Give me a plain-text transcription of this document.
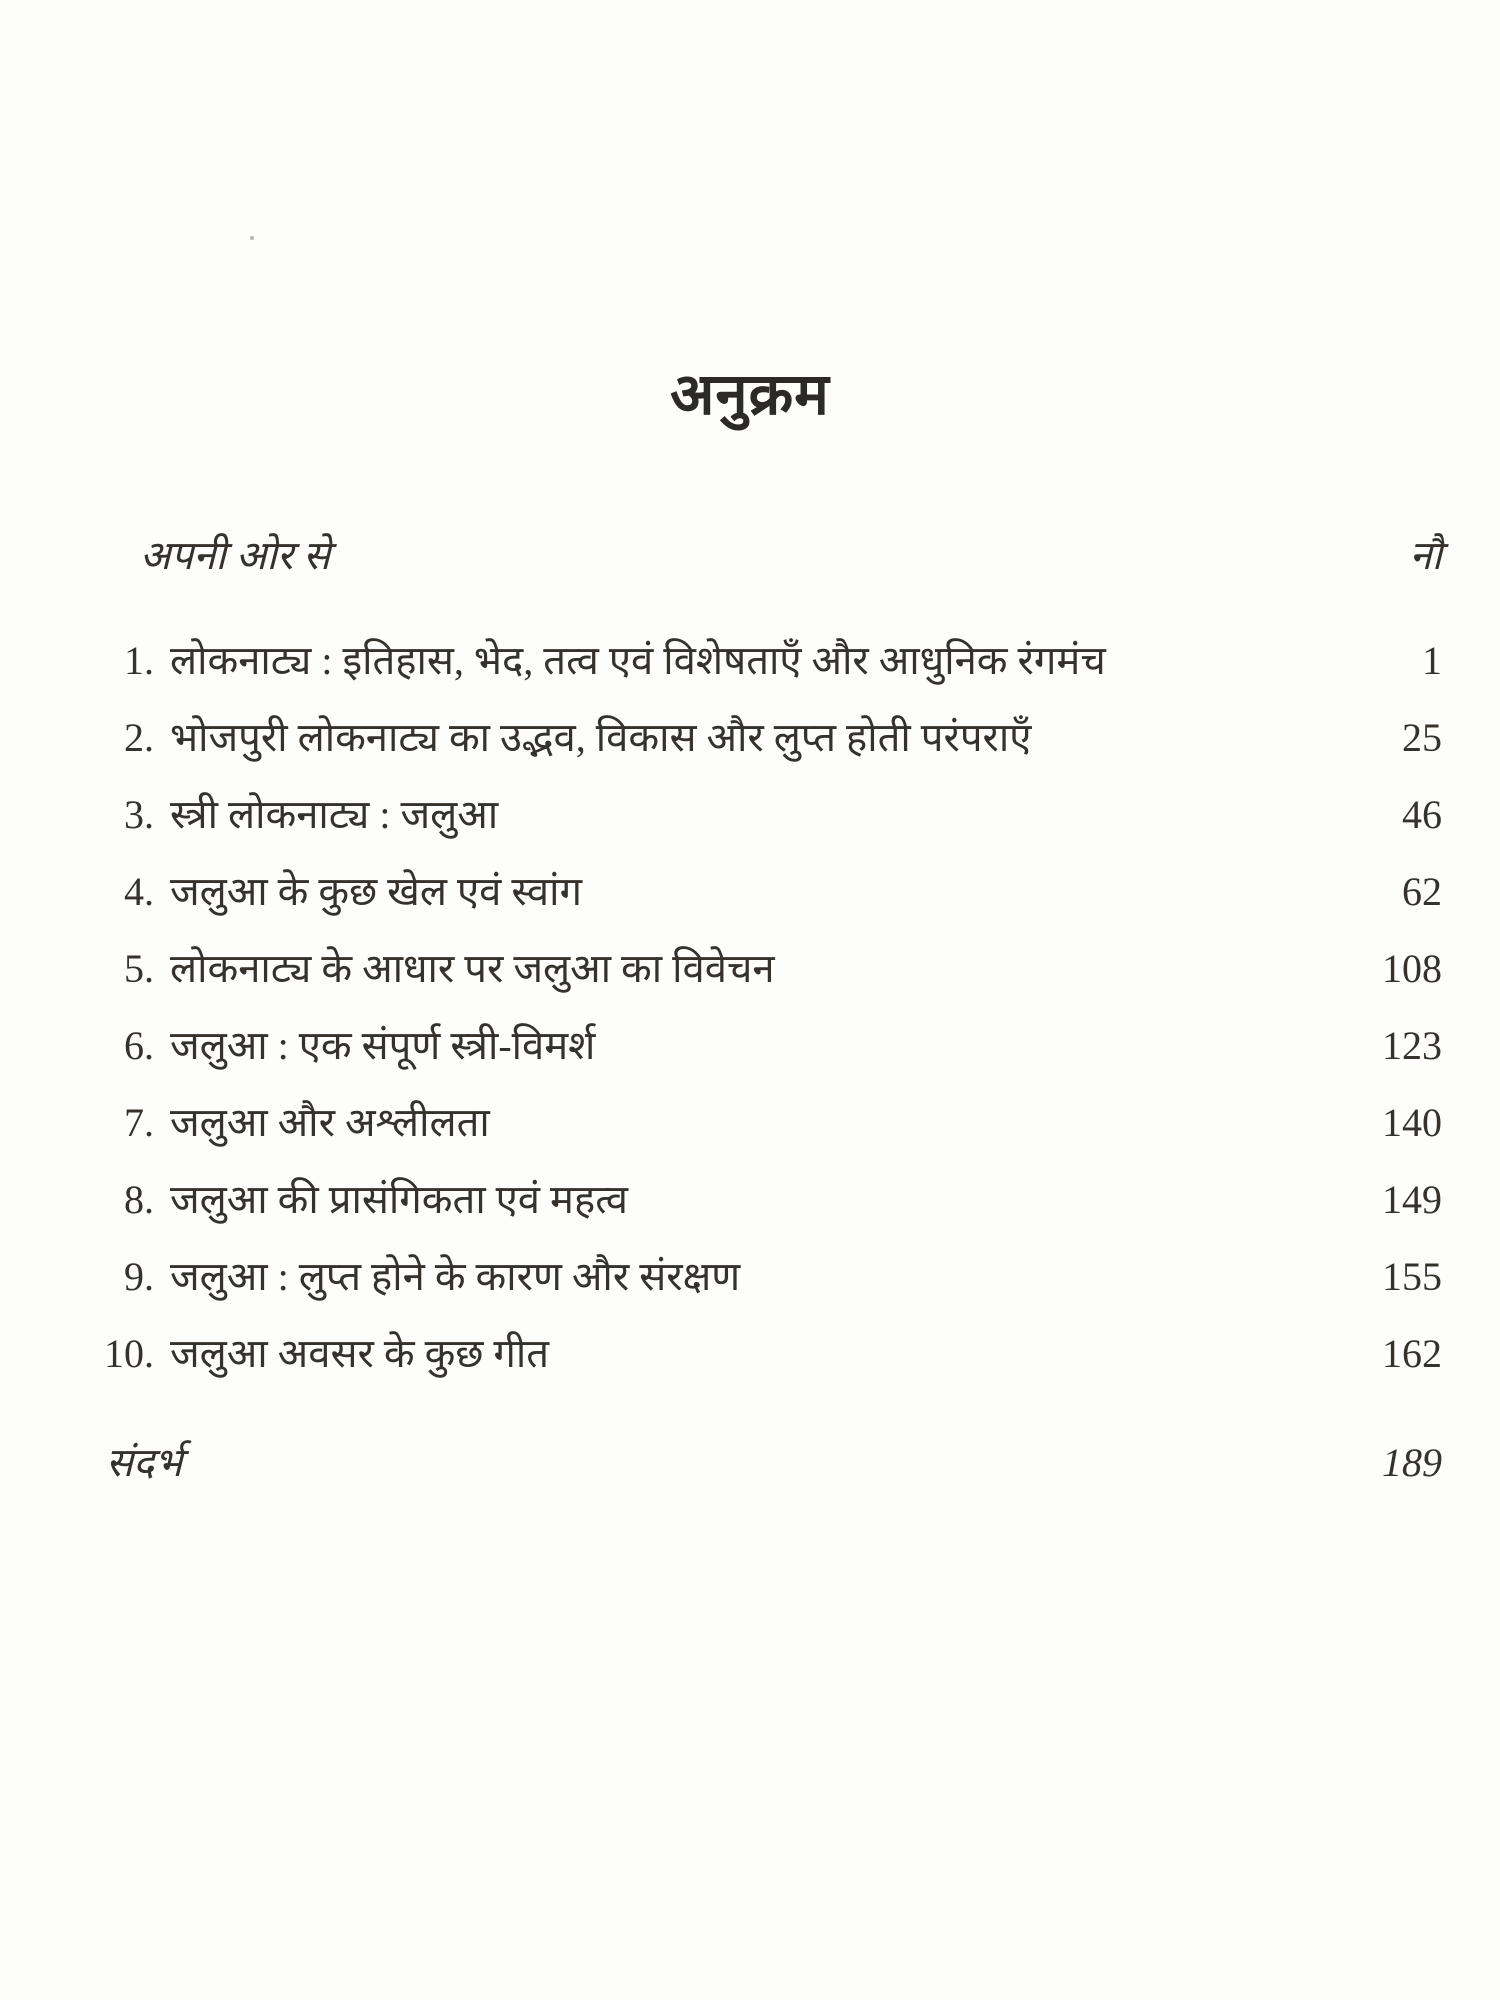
अनुक्रम
अपनी ओर से	नौ
1. लोकनाट्य : इतिहास, भेद, तत्व एवं विशेषताएँ और आधुनिक रंगमंच	1
2. भोजपुरी लोकनाट्य का उद्भव, विकास और लुप्त होती परंपराएँ	25
3. स्त्री लोकनाट्य : जलुआ	46
4. जलुआ के कुछ खेल एवं स्वांग	62
5. लोकनाट्य के आधार पर जलुआ का विवेचन	108
6. जलुआ : एक संपूर्ण स्त्री-विमर्श	123
7. जलुआ और अश्लीलता	140
8. जलुआ की प्रासंगिकता एवं महत्व	149
9. जलुआ : लुप्त होने के कारण और संरक्षण	155
10. जलुआ अवसर के कुछ गीत	162
संदर्भ	189
